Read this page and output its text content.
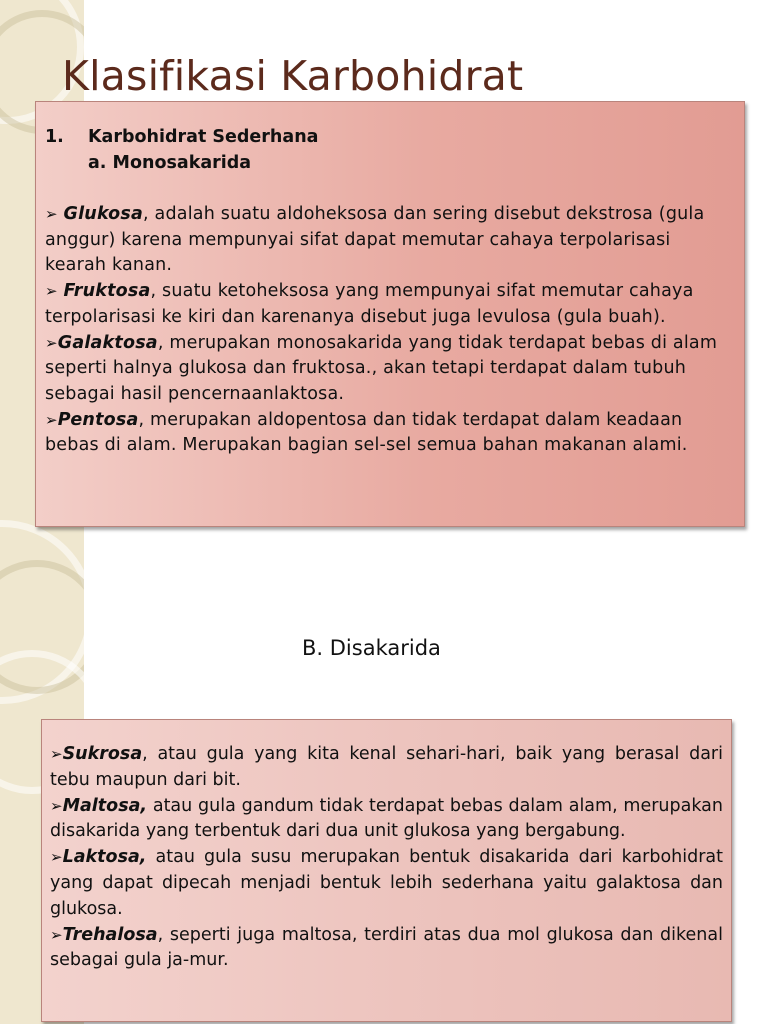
Klasifikasi Karbohidrat
1. Karbohidrat Sederhana
a. Monosakarida
➢ Glukosa, adalah suatu aldoheksosa dan sering disebut dekstrosa (gula anggur) karena mempunyai sifat dapat memutar cahaya terpolarisasi kearah kanan.
➢ Fruktosa, suatu ketoheksosa yang mempunyai sifat memutar cahaya terpolarisasi ke kiri dan karenanya disebut juga levulosa (gula buah).
➢Galaktosa, merupakan monosakarida yang tidak terdapat bebas di alam seperti halnya glukosa dan fruktosa., akan tetapi terdapat dalam tubuh sebagai hasil pencernaanlaktosa.
➢Pentosa, merupakan aldopentosa dan tidak terdapat dalam keadaan bebas di alam. Merupakan bagian sel-sel semua bahan makanan alami.
B. Disakarida
➢Sukrosa, atau gula yang kita kenal sehari-hari, baik yang berasal dari tebu maupun dari bit.
➢Maltosa, atau gula gandum tidak terdapat bebas dalam alam, merupakan disakarida yang terbentuk dari dua unit glukosa yang bergabung.
➢Laktosa, atau gula susu merupakan bentuk disakarida dari karbohidrat yang dapat dipecah menjadi bentuk lebih sederhana yaitu galaktosa dan glukosa.
➢Trehalosa, seperti juga maltosa, terdiri atas dua mol glukosa dan dikenal sebagai gula ja-mur.
